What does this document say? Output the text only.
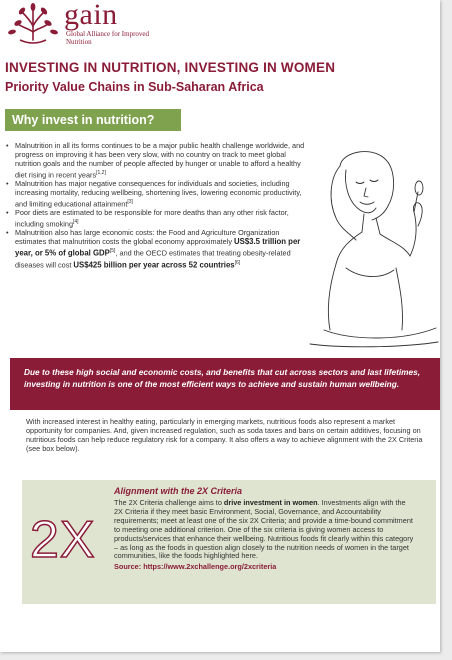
gain
Global Alliance for Improved Nutrition
INVESTING IN NUTRITION, INVESTING IN WOMEN
Priority Value Chains in Sub-Saharan Africa
Why invest in nutrition?
• Malnutrition in all its forms continues to be a major public health challenge worldwide, and progress on improving it has been very slow, with no country on track to meet global nutrition goals and the number of people affected by hunger or unable to afford a healthy diet rising in recent years[1,2]
• Malnutrition has major negative consequences for individuals and societies, including increasing mortality, reducing wellbeing, shortening lives, lowering economic productivity, and limiting educational attainment[3]
• Poor diets are estimated to be responsible for more deaths than any other risk factor, including smoking[4]
• Malnutrition also has large economic costs: the Food and Agriculture Organization estimates that malnutrition costs the global economy approximately US$3.5 trillion per year, or 5% of global GDP[5], and the OECD estimates that treating obesity-related diseases will cost US$425 billion per year across 52 countries[6]
Due to these high social and economic costs, and benefits that cut across sectors and last lifetimes, investing in nutrition is one of the most efficient ways to achieve and sustain human wellbeing.
With increased interest in healthy eating, particularly in emerging markets, nutritious foods also represent a market opportunity for companies. And, given increased regulation, such as soda taxes and bans on certain additives, focusing on nutritious foods can help reduce regulatory risk for a company. It also offers a way to achieve alignment with the 2X Criteria (see box below).
2X
Alignment with the 2X Criteria
The 2X Criteria challenge aims to drive investment in women. Investments align with the 2X Criteria if they meet basic Environment, Social, Governance, and Accountability requirements; meet at least one of the six 2X Criteria; and provide a time-bound commitment to meeting one additional criterion. One of the six criteria is giving women access to products/services that enhance their wellbeing. Nutritious foods fit clearly within this category – as long as the foods in question align closely to the nutrition needs of women in the target communities, like the foods highlighted here.
Source: https://www.2xchallenge.org/2xcriteria
